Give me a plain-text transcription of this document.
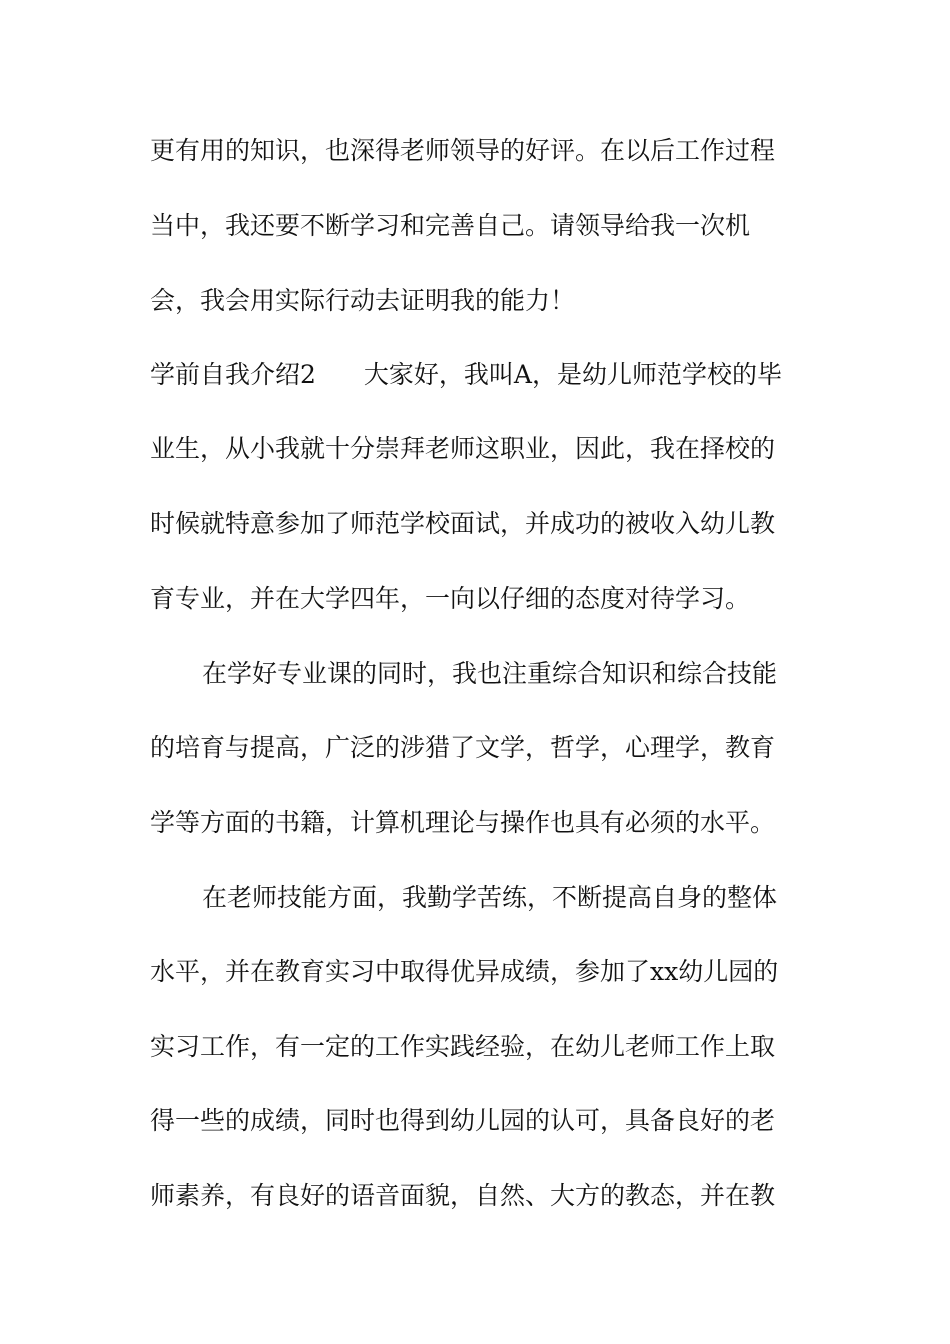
更有用的知识，也深得老师领导的好评。在以后工作过程
当中，我还要不断学习和完善自己。请领导给我一次机
会，我会用实际行动去证明我的能力！
学前自我介绍2 大家好，我叫A，是幼儿师范学校的毕
业生，从小我就十分崇拜老师这职业，因此，我在择校的
时候就特意参加了师范学校面试，并成功的被收入幼儿教
育专业，并在大学四年，一向以仔细的态度对待学习。
在学好专业课的同时，我也注重综合知识和综合技能
的培育与提高，广泛的涉猎了文学，哲学，心理学，教育
学等方面的书籍，计算机理论与操作也具有必须的水平。
在老师技能方面，我勤学苦练，不断提高自身的整体
水平，并在教育实习中取得优异成绩，参加了xx幼儿园的
实习工作，有一定的工作实践经验，在幼儿老师工作上取
得一些的成绩，同时也得到幼儿园的认可，具备良好的老
师素养，有良好的语音面貌，自然、大方的教态，并在教
